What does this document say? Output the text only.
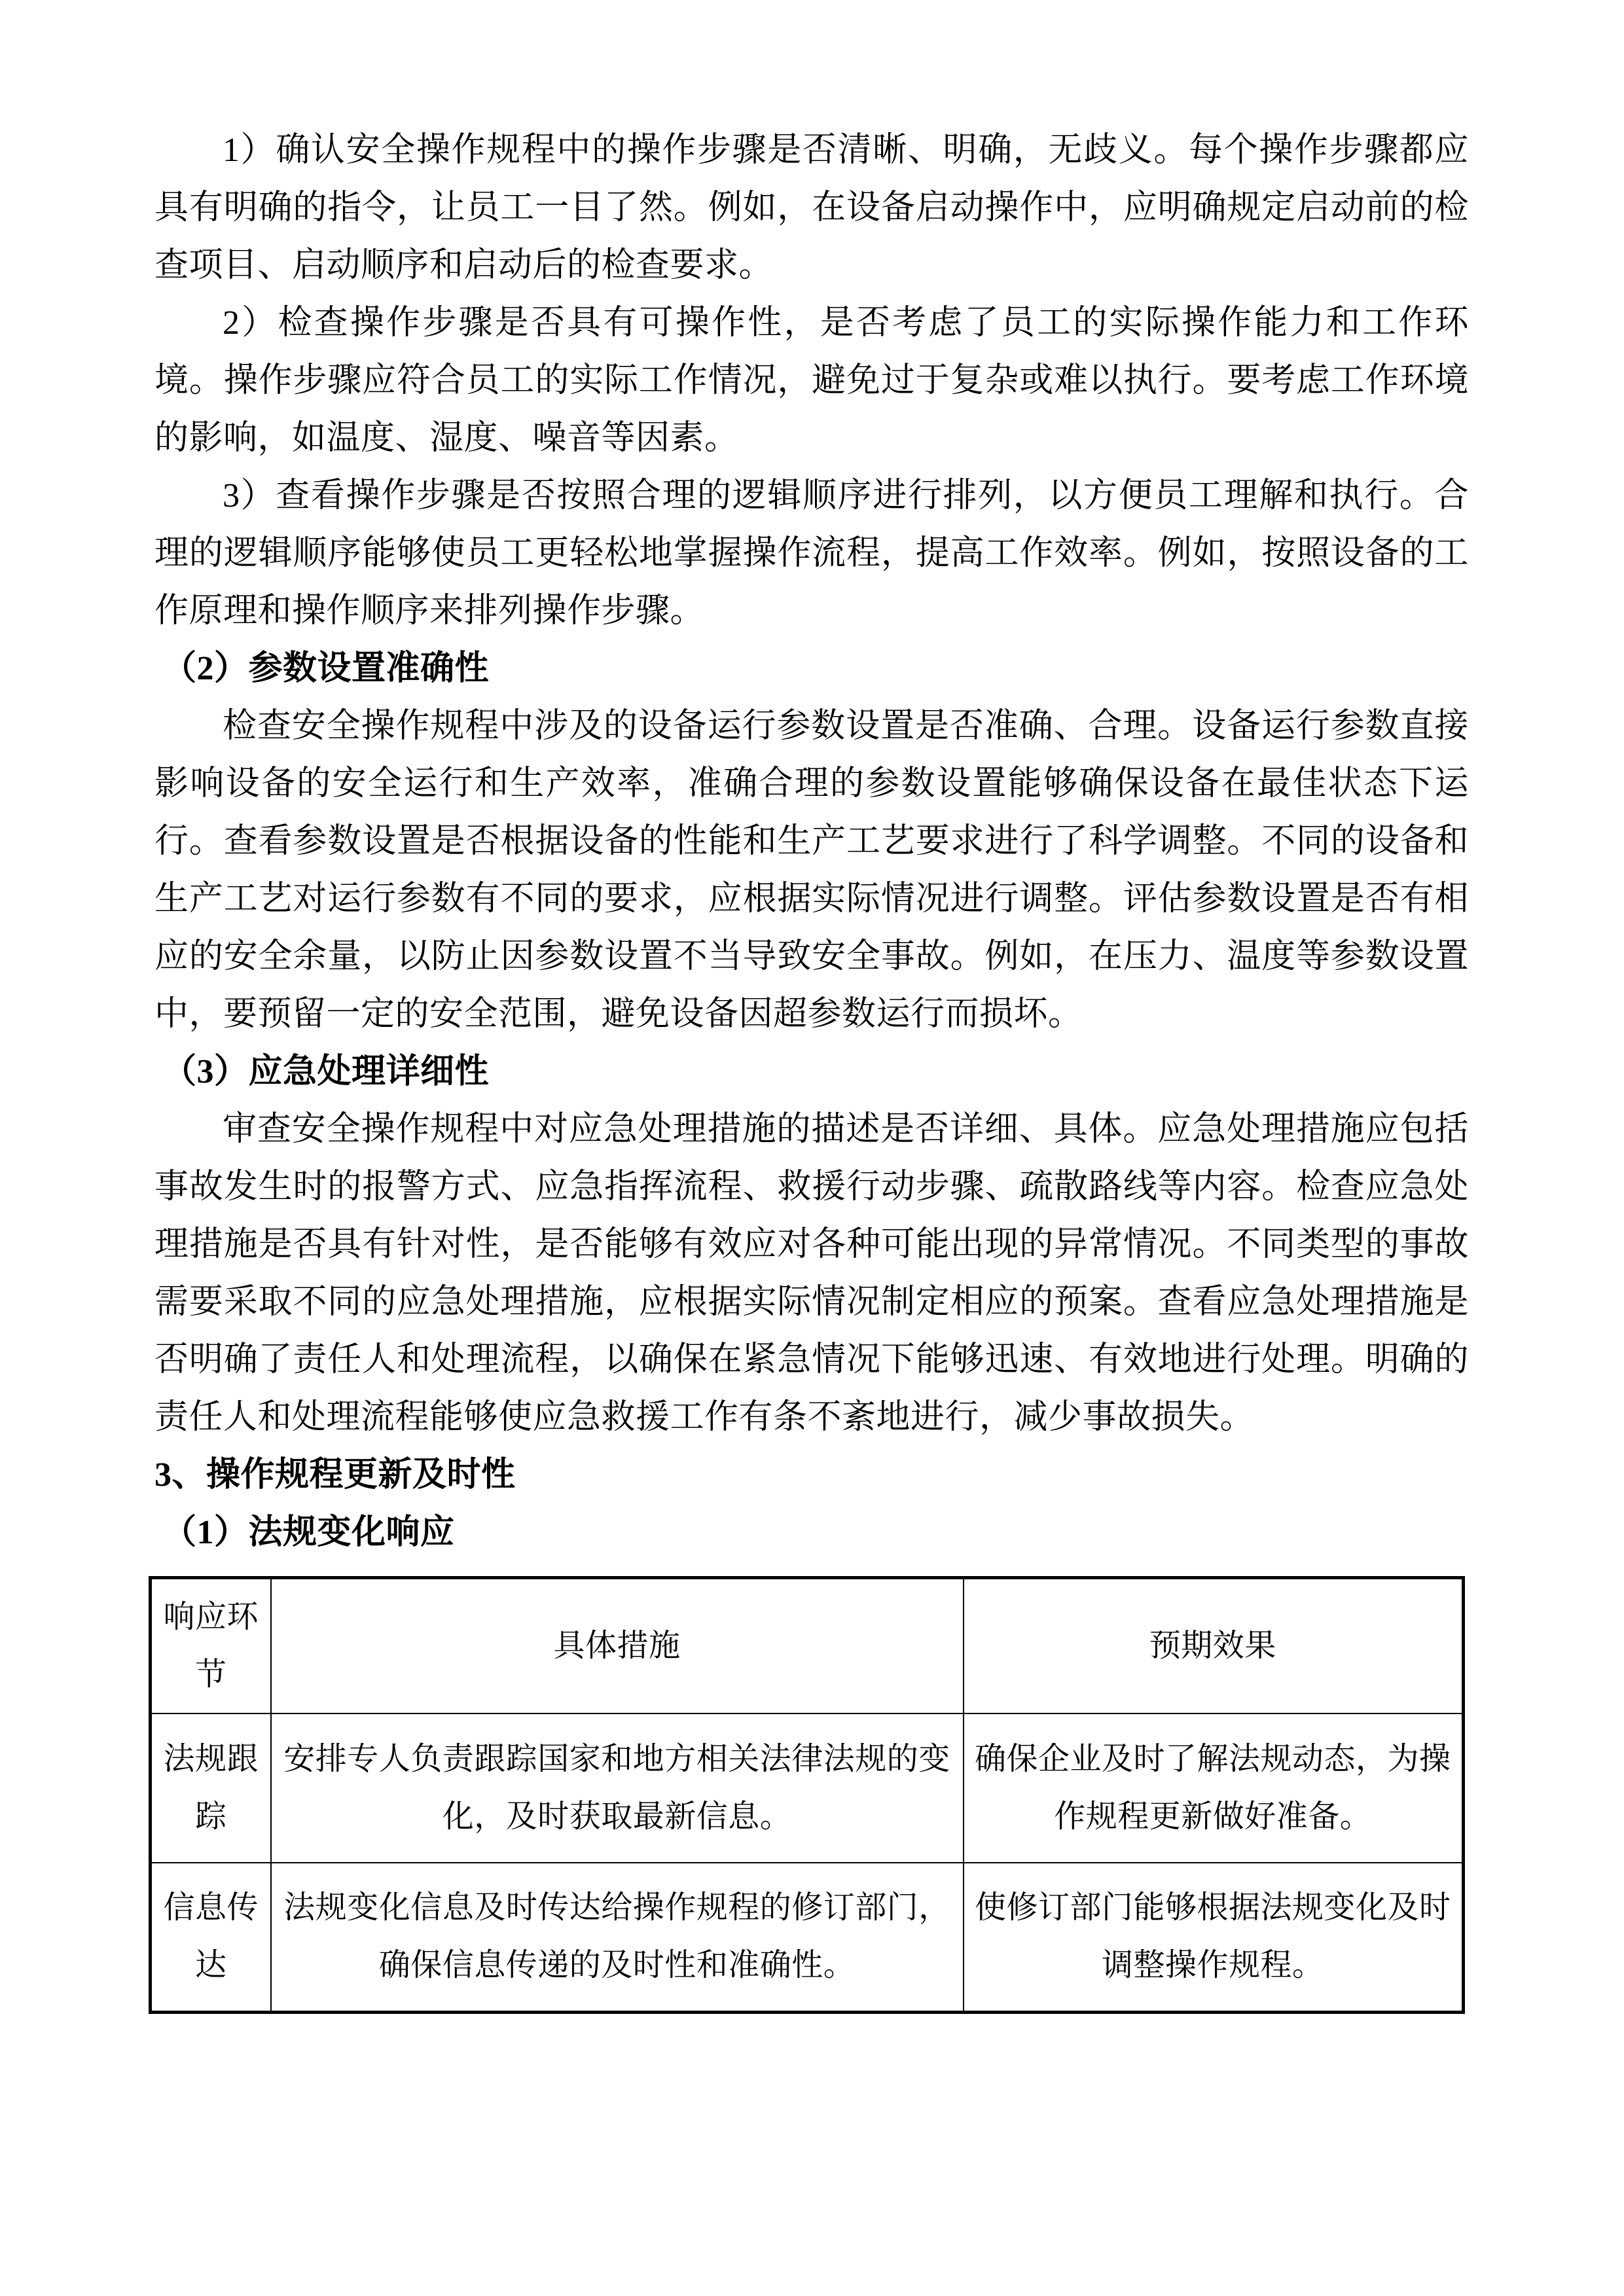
1）确认安全操作规程中的操作步骤是否清晰、明确，无歧义。每个操作步骤都应具有明确的指令，让员工一目了然。例如，在设备启动操作中，应明确规定启动前的检查项目、启动顺序和启动后的检查要求。

2）检查操作步骤是否具有可操作性，是否考虑了员工的实际操作能力和工作环境。操作步骤应符合员工的实际工作情况，避免过于复杂或难以执行。要考虑工作环境的影响，如温度、湿度、噪音等因素。

3）查看操作步骤是否按照合理的逻辑顺序进行排列，以方便员工理解和执行。合理的逻辑顺序能够使员工更轻松地掌握操作流程，提高工作效率。例如，按照设备的工作原理和操作顺序来排列操作步骤。

（2）参数设置准确性

检查安全操作规程中涉及的设备运行参数设置是否准确、合理。设备运行参数直接影响设备的安全运行和生产效率，准确合理的参数设置能够确保设备在最佳状态下运行。查看参数设置是否根据设备的性能和生产工艺要求进行了科学调整。不同的设备和生产工艺对运行参数有不同的要求，应根据实际情况进行调整。评估参数设置是否有相应的安全余量，以防止因参数设置不当导致安全事故。例如，在压力、温度等参数设置中，要预留一定的安全范围，避免设备因超参数运行而损坏。

（3）应急处理详细性

审查安全操作规程中对应急处理措施的描述是否详细、具体。应急处理措施应包括事故发生时的报警方式、应急指挥流程、救援行动步骤、疏散路线等内容。检查应急处理措施是否具有针对性，是否能够有效应对各种可能出现的异常情况。不同类型的事故需要采取不同的应急处理措施，应根据实际情况制定相应的预案。查看应急处理措施是否明确了责任人和处理流程，以确保在紧急情况下能够迅速、有效地进行处理。明确的责任人和处理流程能够使应急救援工作有条不紊地进行，减少事故损失。

3、操作规程更新及时性

（1）法规变化响应

响应环节	具体措施	预期效果
法规跟踪	安排专人负责跟踪国家和地方相关法律法规的变化，及时获取最新信息。	确保企业及时了解法规动态，为操作规程更新做好准备。
信息传达	法规变化信息及时传达给操作规程的修订部门，确保信息传递的及时性和准确性。	使修订部门能够根据法规变化及时调整操作规程。
